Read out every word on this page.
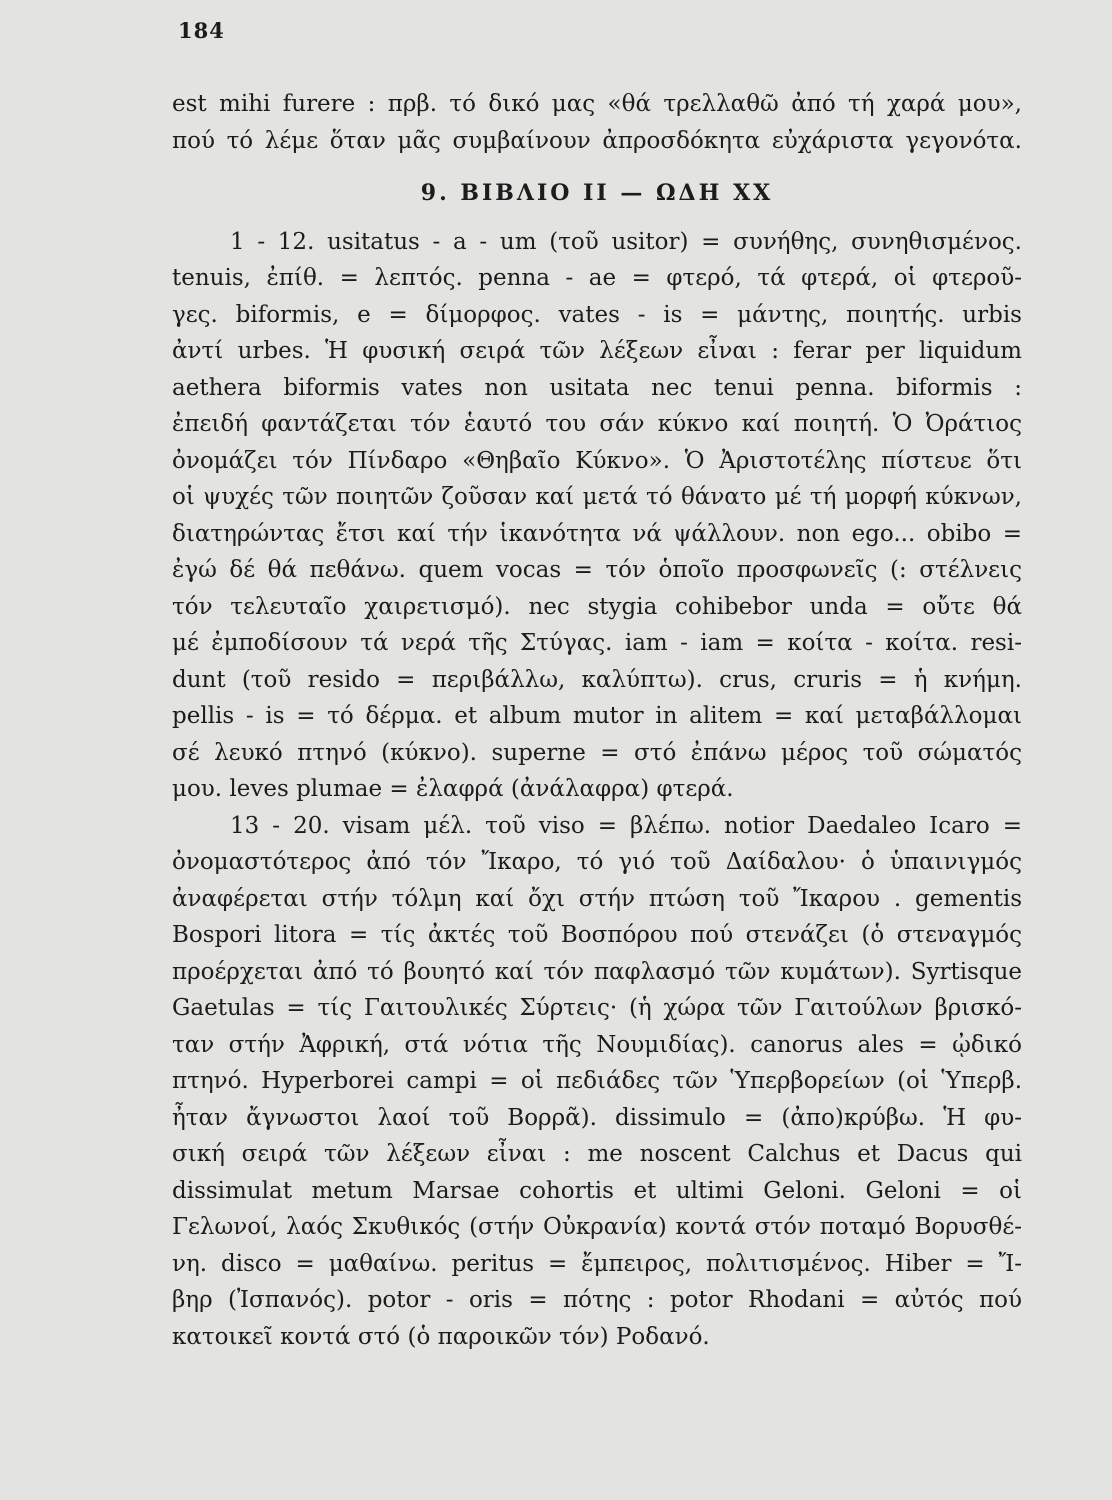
184
est mihi furere : πρβ. τό δικό μας «θά τρελλαθῶ ἀπό τή χαρά μου»,
πού τό λέμε ὅταν μᾶς συμβαίνουν ἀπροσδόκητα εὐχάριστα γεγονότα.
9. ΒΙΒΛΙΟ ΙΙ — ΩΔΗ ΧΧ
1 - 12. usitatus - a - um (τοῦ usitor) = συνήθης, συνηθισμένος.
tenuis, ἐπίθ. = λεπτός. penna - ae = φτερό, τά φτερά, οἱ φτεροῦ-
γες. biformis, e = δίμορφος. vates - is = μάντης, ποιητής. urbis
ἀντί urbes. Ἡ φυσική σειρά τῶν λέξεων εἶναι : ferar per liquidum
aethera biformis vates non usitata nec tenui penna. biformis :
ἐπειδή φαντάζεται τόν ἑαυτό του σάν κύκνο καί ποιητή. Ὁ Ὀράτιος
ὀνομάζει τόν Πίνδαρο «Θηβαῖο Κύκνο». Ὁ Ἀριστοτέλης πίστευε ὅτι
οἱ ψυχές τῶν ποιητῶν ζοῦσαν καί μετά τό θάνατο μέ τή μορφή κύκνων,
διατηρώντας ἔτσι καί τήν ἱκανότητα νά ψάλλουν. non ego... obibo =
ἐγώ δέ θά πεθάνω. quem vocas = τόν ὁποῖο προσφωνεῖς (: στέλνεις
τόν τελευταῖο χαιρετισμό). nec stygia cohibebor unda = οὔτε θά
μέ ἐμποδίσουν τά νερά τῆς Στύγας. iam - iam = κοίτα - κοίτα. resi-
dunt (τοῦ resido = περιβάλλω, καλύπτω). crus, cruris = ἡ κνήμη.
pellis - is = τό δέρμα. et album mutor in alitem = καί μεταβάλλομαι
σέ λευκό πτηνό (κύκνο). superne = στό ἐπάνω μέρος τοῦ σώματός
μου. leves plumae = ἐλαφρά (ἀνάλαφρα) φτερά.
13 - 20. visam μέλ. τοῦ viso = βλέπω. notior Daedaleo Icaro =
ὀνομαστότερος ἀπό τόν Ἴκαρο, τό γιό τοῦ Δαίδαλου· ὁ ὑπαινιγμός
ἀναφέρεται στήν τόλμη καί ὄχι στήν πτώση τοῦ Ἴκαρου . gementis
Bospori litora = τίς ἀκτές τοῦ Βοσπόρου πού στενάζει (ὁ στεναγμός
προέρχεται ἀπό τό βουητό καί τόν παφλασμό τῶν κυμάτων). Syrtisque
Gaetulas = τίς Γαιτουλικές Σύρτεις· (ἡ χώρα τῶν Γαιτούλων βρισκό-
ταν στήν Ἀφρική, στά νότια τῆς Νουμιδίας). canorus ales = ᾠδικό
πτηνό. Hyperborei campi = οἱ πεδιάδες τῶν Ὑπερβορείων (οἱ Ὑπερβ.
ἦταν ἄγνωστοι λαοί τοῦ Βορρᾶ). dissimulo = (ἀπο)κρύβω. Ἡ φυ-
σική σειρά τῶν λέξεων εἶναι : me noscent Calchus et Dacus qui
dissimulat metum Marsae cohortis et ultimi Geloni. Geloni = οἱ
Γελωνοί, λαός Σκυθικός (στήν Οὐκρανία) κοντά στόν ποταμό Βορυσθέ-
νη. disco = μαθαίνω. peritus = ἔμπειρος, πολιτισμένος. Hiber = Ἴ-
βηρ (Ἰσπανός). potor - oris = πότης : potor Rhodani = αὐτός πού
κατοικεῖ κοντά στό (ὁ παροικῶν τόν) Ροδανό.
